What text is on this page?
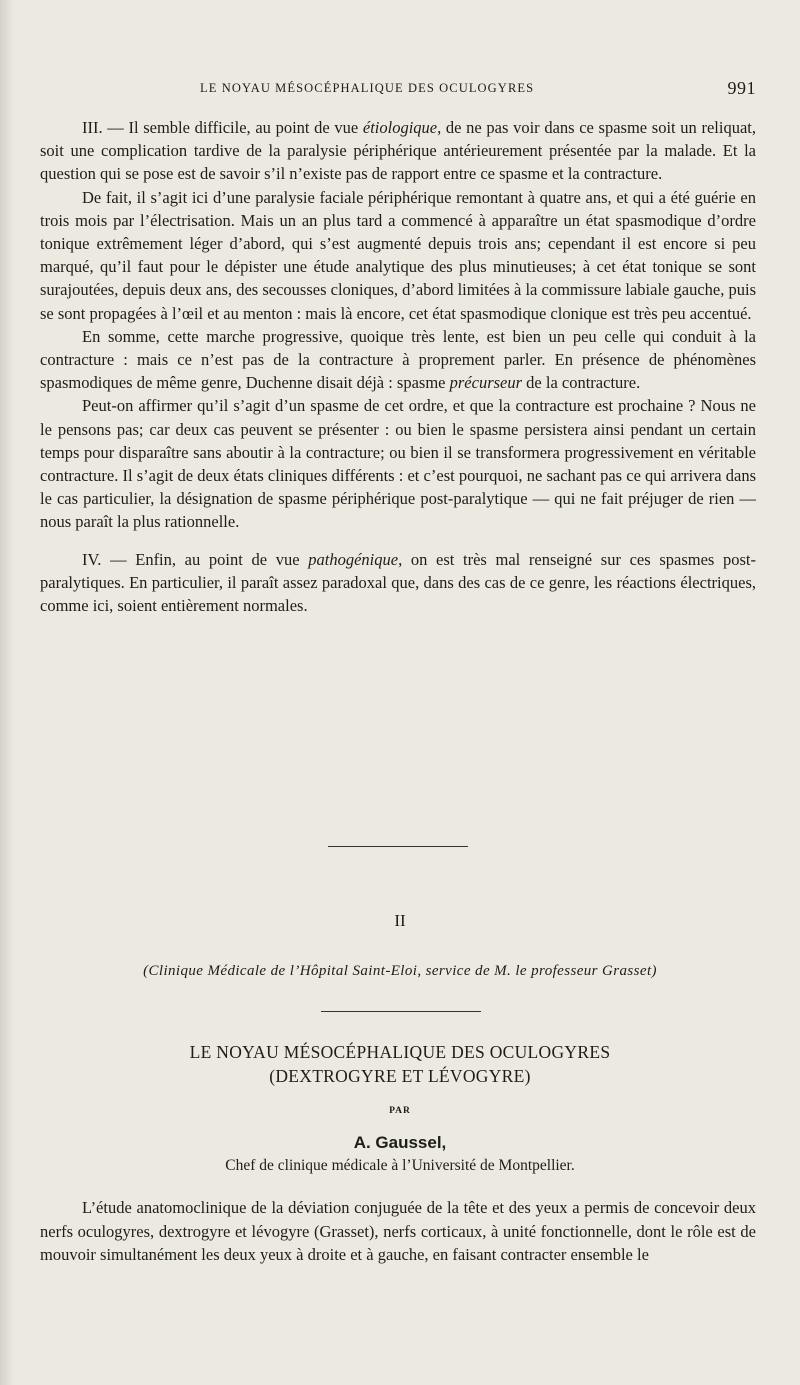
LE NOYAU MÉSOCÉPHALIQUE DES OCULOGYRES	991

III. — Il semble difficile, au point de vue étiologique, de ne pas voir dans ce spasme soit un reliquat, soit une complication tardive de la paralysie périphérique antérieurement présentée par la malade. Et la question qui se pose est de savoir s’il n’existe pas de rapport entre ce spasme et la contracture.

De fait, il s’agit ici d’une paralysie faciale périphérique remontant à quatre ans, et qui a été guérie en trois mois par l’électrisation. Mais un an plus tard a commencé à apparaître un état spasmodique d’ordre tonique extrêmement léger d’abord, qui s’est augmenté depuis trois ans; cependant il est encore si peu marqué, qu’il faut pour le dépister une étude analytique des plus minutieuses; à cet état tonique se sont surajoutées, depuis deux ans, des secousses cloniques, d’abord limitées à la commissure labiale gauche, puis se sont propagées à l’œil et au menton : mais là encore, cet état spasmodique clonique est très peu accentué.

En somme, cette marche progressive, quoique très lente, est bien un peu celle qui conduit à la contracture : mais ce n’est pas de la contracture à proprement parler. En présence de phénomènes spasmodiques de même genre, Duchenne disait déjà : spasme précurseur de la contracture.

Peut-on affirmer qu’il s’agit d’un spasme de cet ordre, et que la contracture est prochaine ? Nous ne le pensons pas; car deux cas peuvent se présenter : ou bien le spasme persistera ainsi pendant un certain temps pour disparaître sans aboutir à la contracture; ou bien il se transformera progressivement en véritable contracture. Il s’agit de deux états cliniques différents : et c’est pourquoi, ne sachant pas ce qui arrivera dans le cas particulier, la désignation de spasme périphérique post-paralytique — qui ne fait préjuger de rien — nous paraît la plus rationnelle.

IV. — Enfin, au point de vue pathogénique, on est très mal renseigné sur ces spasmes post-paralytiques. En particulier, il paraît assez paradoxal que, dans des cas de ce genre, les réactions électriques, comme ici, soient entièrement normales.

II
(Clinique Médicale de l’Hôpital Saint-Eloi, service de M. le professeur Grasset)
LE NOYAU MÉSOCÉPHALIQUE DES OCULOGYRES (DEXTROGYRE ET LÉVOGYRE)
PAR
A. Gaussel,
Chef de clinique médicale à l’Université de Montpellier.

L’étude anatomoclinique de la déviation conjuguée de la tête et des yeux a permis de concevoir deux nerfs oculogyres, dextrogyre et lévogyre (Grasset), nerfs corticaux, à unité fonctionnelle, dont le rôle est de mouvoir simultanément les deux yeux à droite et à gauche, en faisant contracter ensemble le
